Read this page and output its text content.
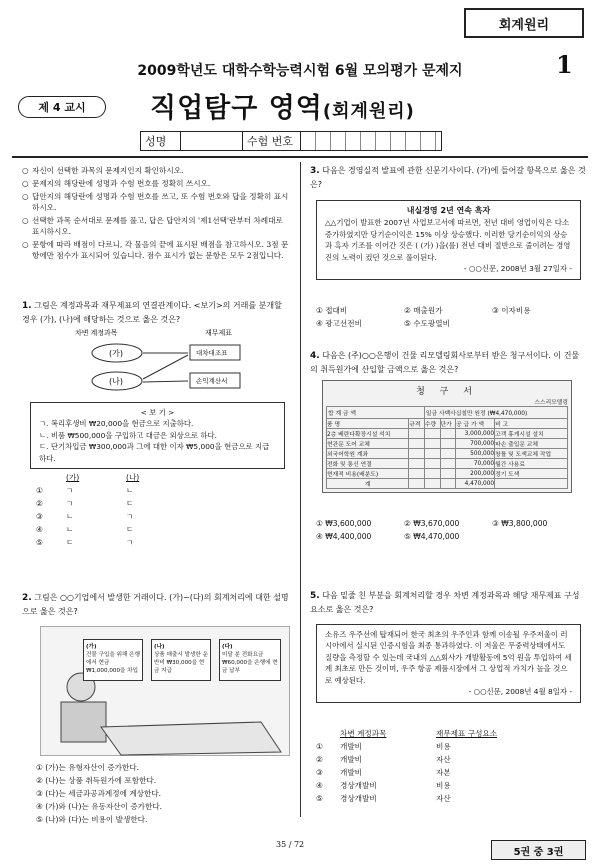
회계원리
2009학년도 대학수학능력시험 6월 모의평가 문제지	1
제 4 교시	직업탐구 영역(회계원리)
성명	수험 번호
○ 자신이 선택한 과목의 문제지인지 확인하시오.
○ 문제지의 해당란에 성명과 수험 번호를 정확히 쓰시오.
○ 답안지의 해당란에 성명과 수험 번호를 쓰고, 또 수험 번호와 답을 정확히 표시하시오.
○ 선택한 과목 순서대로 문제를 풀고, 답은 답안지의 '제1선택'란부터 차례대로 표시하시오.
○ 문항에 따라 배점이 다르니, 각 물음의 끝에 표시된 배점을 참고하시오. 3점 문항에만 점수가 표시되어 있습니다. 점수 표시가 없는 문항은 모두 2점입니다.
1. 그림은 계정과목과 재무제표의 연결관계이다. <보기>의 거래를 분개할 경우 (가), (나)에 해당하는 것으로 옳은 것은?
차변 계정과목	재무제표
(가)
(나)
대차대조표
손익계산서
< 보 기 >
ㄱ. 복리후생비 ₩20,000을 현금으로 지출하다.
ㄴ. 비품 ₩500,000을 구입하고 대금은 외상으로 하다.
ㄷ. 단기차입금 ₩300,000과 그에 대한 이자 ₩5,000을 현금으로 지급하다.
(가)	(나)
①	ㄱ	ㄴ
②	ㄱ	ㄷ
③	ㄴ	ㄱ
④	ㄴ	ㄷ
⑤	ㄷ	ㄱ
2. 그림은 ○○기업에서 발생한 거래이다. (가)~(다)의 회계처리에 대한 설명으로 옳은 것은?
(가)
건물 구입을 위해 은행에서 현금 ₩1,000,000을 차입
(나)
상품 매출시 발생한 운반비 ₩30,000을 현금 지급
(다)
미달 분 전화요금 ₩60,000을 은행에 현금 납부
① (가)는 유형자산이 증가한다.
② (나)는 상품 취득원가에 포함한다.
③ (다)는 세금과공과계정에 계상한다.
④ (가)와 (나)는 유동자산이 증가한다.
⑤ (나)와 (다)는 비용이 발생한다.
3. 다음은 경영실적 발표에 관한 신문기사이다. (가)에 들어갈 항목으로 옳은 것은?
내실경영 2년 연속 흑자
△△기업이 발표한 2007년 사업보고서에 따르면, 전년 대비 영업이익은 다소 증가하였지만 당기순이익은 15% 이상 상승했다. 이러한 당기순이익의 상승과 흑자 기조를 이어간 것은 ( (가) )을(를) 전년 대비 절반으로 줄이려는 경영진의 노력이 컸던 것으로 풀이된다.
- ○○신문, 2008년 3월 27일자 -
① 접대비	② 매출원가	③ 이자비용
④ 광고선전비	⑤ 수도광열비
4. 다음은 (주)○○은행이 건물 리모델링회사로부터 받은 청구서이다. 이 건물의 취득원가에 산입할 금액으로 옳은 것은?
청 구 서
스스리모델링
합 계 금 액		일금 사백사십칠만 원정 (₩4,470,000)			
품 명	규격	수량	단가	공 급 가 액	비 고
2층 베란다확장시설 석치				3,000,000	고객 휴게시설 설치
현관문 도어 교체				700,000	파손 출입문 교체
외국어학원 계좌				500,000	창틀 및 도색교체 작업
전화 및 통신 연결				70,000	월간 사용료
현재적 비용(배분도)				200,000	정기 도색
계				4,470,000	
① ₩3,600,000	② ₩3,670,000	③ ₩3,800,000
④ ₩4,400,000	⑤ ₩4,470,000
5. 다음 밑줄 친 부분을 회계처리할 경우 차변 계정과목과 해당 재무제표 구성요소로 옳은 것은?
소유즈 우주선에 탑재되어 한국 최초의 우주인과 함께 이송될 우주저울이 러시아에서 실시된 인증시험을 최종 통과하였다. 이 저울은 무중력상태에서도 질량을 측정할 수 있는데 국내의 △△회사가 개발활동에 5억 원을 투입하여 세계 최초로 만든 것이며, 우주 항공 제품시장에서 그 상업적 가치가 높을 것으로 예상된다.
- ○○신문, 2008년 4월 8일자 -
차변 계정과목	재무제표 구성요소
①	개발비	비용
②	개발비	자산
③	개발비	자본
④	경상개발비	비용
⑤	경상개발비	자산
35 / 72
5권 중 3권
